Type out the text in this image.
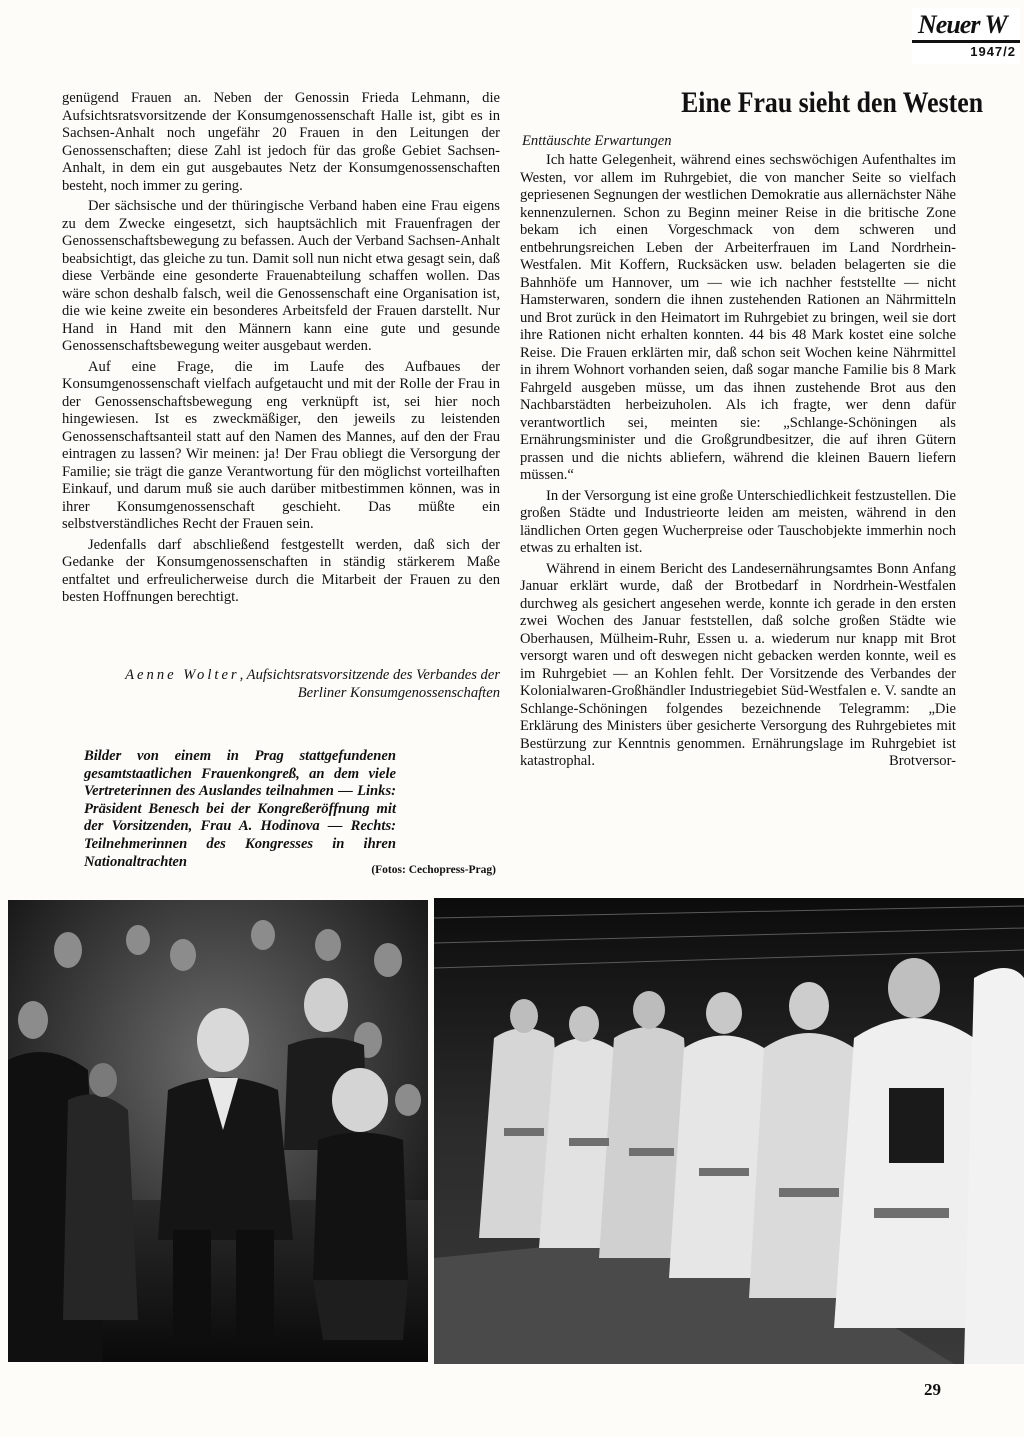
Neuer W
1947/2

genügend Frauen an. Neben der Genossin Frieda Lehmann, die Aufsichtsratsvorsitzende der Konsumgenossenschaft Halle ist, gibt es in Sachsen-Anhalt noch ungefähr 20 Frauen in den Leitungen der Genossenschaften; diese Zahl ist jedoch für das große Gebiet Sachsen-Anhalt, in dem ein gut ausgebautes Netz der Konsumgenossenschaften besteht, noch immer zu gering.

Der sächsische und der thüringische Verband haben eine Frau eigens zu dem Zwecke eingesetzt, sich hauptsächlich mit Frauenfragen der Genossenschaftsbewegung zu befassen. Auch der Verband Sachsen-Anhalt beabsichtigt, das gleiche zu tun. Damit soll nun nicht etwa gesagt sein, daß diese Verbände eine gesonderte Frauenabteilung schaffen wollen. Das wäre schon deshalb falsch, weil die Genossenschaft eine Organisation ist, die wie keine zweite ein besonderes Arbeitsfeld der Frauen darstellt. Nur Hand in Hand mit den Männern kann eine gute und gesunde Genossenschaftsbewegung weiter ausgebaut werden.

Auf eine Frage, die im Laufe des Aufbaues der Konsumgenossenschaft vielfach aufgetaucht und mit der Rolle der Frau in der Genossenschaftsbewegung eng verknüpft ist, sei hier noch hingewiesen. Ist es zweckmäßiger, den jeweils zu leistenden Genossenschaftsanteil statt auf den Namen des Mannes, auf den der Frau eintragen zu lassen? Wir meinen: ja! Der Frau obliegt die Versorgung der Familie; sie trägt die ganze Verantwortung für den möglichst vorteilhaften Einkauf, und darum muß sie auch darüber mitbestimmen können, was in ihrer Konsumgenossenschaft geschieht. Das müßte ein selbstverständliches Recht der Frauen sein.

Jedenfalls darf abschließend festgestellt werden, daß sich der Gedanke der Konsumgenossenschaften in ständig stärkerem Maße entfaltet und erfreulicherweise durch die Mitarbeit der Frauen zu den besten Hoffnungen berechtigt.

Aenne Wolter, Aufsichtsratsvorsitzende des Verbandes der Berliner Konsumgenossenschaften
Bilder von einem in Prag stattgefundenen gesamtstaatlichen Frauenkongreß, an dem viele Vertreterinnen des Auslandes teilnahmen — Links: Präsident Benesch bei der Kongreßeröffnung mit der Vorsitzenden, Frau A. Hodinova — Rechts: Teilnehmerinnen des Kongresses in ihren Nationaltrachten
(Fotos: Cechopress-Prag)
Eine Frau sieht den Westen
Enttäuschte Erwartungen

Ich hatte Gelegenheit, während eines sechswöchigen Aufenthaltes im Westen, vor allem im Ruhrgebiet, die von mancher Seite so vielfach gepriesenen Segnungen der westlichen Demokratie aus allernächster Nähe kennenzulernen. Schon zu Beginn meiner Reise in die britische Zone bekam ich einen Vorgeschmack von dem schweren und entbehrungsreichen Leben der Arbeiterfrauen im Land Nordrhein-Westfalen. Mit Koffern, Rucksäcken usw. beladen belagerten sie die Bahnhöfe um Hannover, um — wie ich nachher feststellte — nicht Hamsterwaren, sondern die ihnen zustehenden Rationen an Nährmitteln und Brot zurück in den Heimatort im Ruhrgebiet zu bringen, weil sie dort ihre Rationen nicht erhalten konnten. 44 bis 48 Mark kostet eine solche Reise. Die Frauen erklärten mir, daß schon seit Wochen keine Nährmittel in ihrem Wohnort vorhanden seien, daß sogar manche Familie bis 8 Mark Fahrgeld ausgeben müsse, um das ihnen zustehende Brot aus den Nachbarstädten herbeizuholen. Als ich fragte, wer denn dafür verantwortlich sei, meinten sie: „Schlange-Schöningen als Ernährungsminister und die Großgrundbesitzer, die auf ihren Gütern prassen und die nichts abliefern, während die kleinen Bauern liefern müssen.“

In der Versorgung ist eine große Unterschiedlichkeit festzustellen. Die großen Städte und Industrieorte leiden am meisten, während in den ländlichen Orten gegen Wucherpreise oder Tauschobjekte immerhin noch etwas zu erhalten ist.

Während in einem Bericht des Landesernährungsamtes Bonn Anfang Januar erklärt wurde, daß der Brotbedarf in Nordrhein-Westfalen durchweg als gesichert angesehen werde, konnte ich gerade in den ersten zwei Wochen des Januar feststellen, daß solche großen Städte wie Oberhausen, Mülheim-Ruhr, Essen u. a. wiederum nur knapp mit Brot versorgt waren und oft deswegen nicht gebacken werden konnte, weil es im Ruhrgebiet — an Kohlen fehlt. Der Vorsitzende des Verbandes der Kolonialwaren-Großhändler Industriegebiet Süd-Westfalen e. V. sandte an Schlange-Schöningen folgendes bezeichnende Telegramm: „Die Erklärung des Ministers über gesicherte Versorgung des Ruhrgebietes mit Bestürzung zur Kenntnis genommen. Ernährungslage im Ruhrgebiet ist katastrophal. Brotversor-

29
